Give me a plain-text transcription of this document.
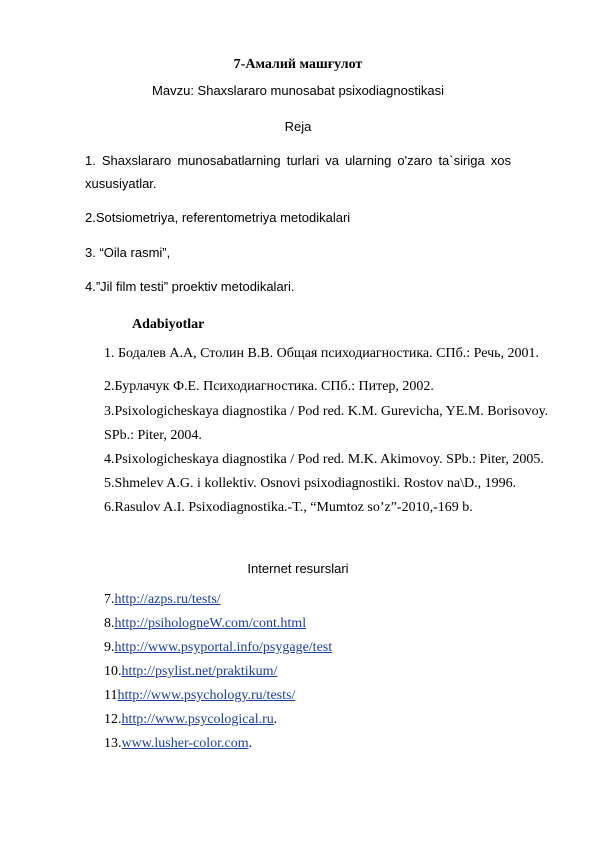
7-Амалий машғулот
Mavzu: Shaxslararo munosabat psixodiagnostikasi
Reja
1. Shaxslararo munosabatlarning turlari va ularning o'zaro ta`siriga xos
xususiyatlar.
2.Sotsiometriya, referentometriya metodikalari
3. “Oila rasmi”,
4.”Jil film testi” proektiv metodikalari.
Adabiyotlar
1. Бодалев А.А, Столин В.В. Общая психодиагностика. СПб.: Речь, 2001.
2.Бурлачук Ф.Е. Психодиагностика. СПб.: Питер, 2002.
3.Psixologicheskaya diagnostika / Pod red. K.M. Gurevicha, YE.M. Borisovoy.
SPb.: Piter, 2004.
4.Psixologicheskaya diagnostika / Pod red. M.K. Akimovoy. SPb.: Piter, 2005.
5.Shmelev A.G. i kollektiv. Osnovi psixodiagnostiki. Rostov na\D., 1996.
6.Rasulov A.I. Psixodiagnostika.-T., “Mumtoz so’z”-2010,-169 b.
Internet resurslari
7.http://azps.ru/tests/
8.http://psihologneW.com/cont.html
9.http://www.psyportal.info/psygage/test
10.http://psylist.net/praktikum/
11http://www.psychology.ru/tests/
12.http://www.psycological.ru.
13.www.lusher-color.com.
